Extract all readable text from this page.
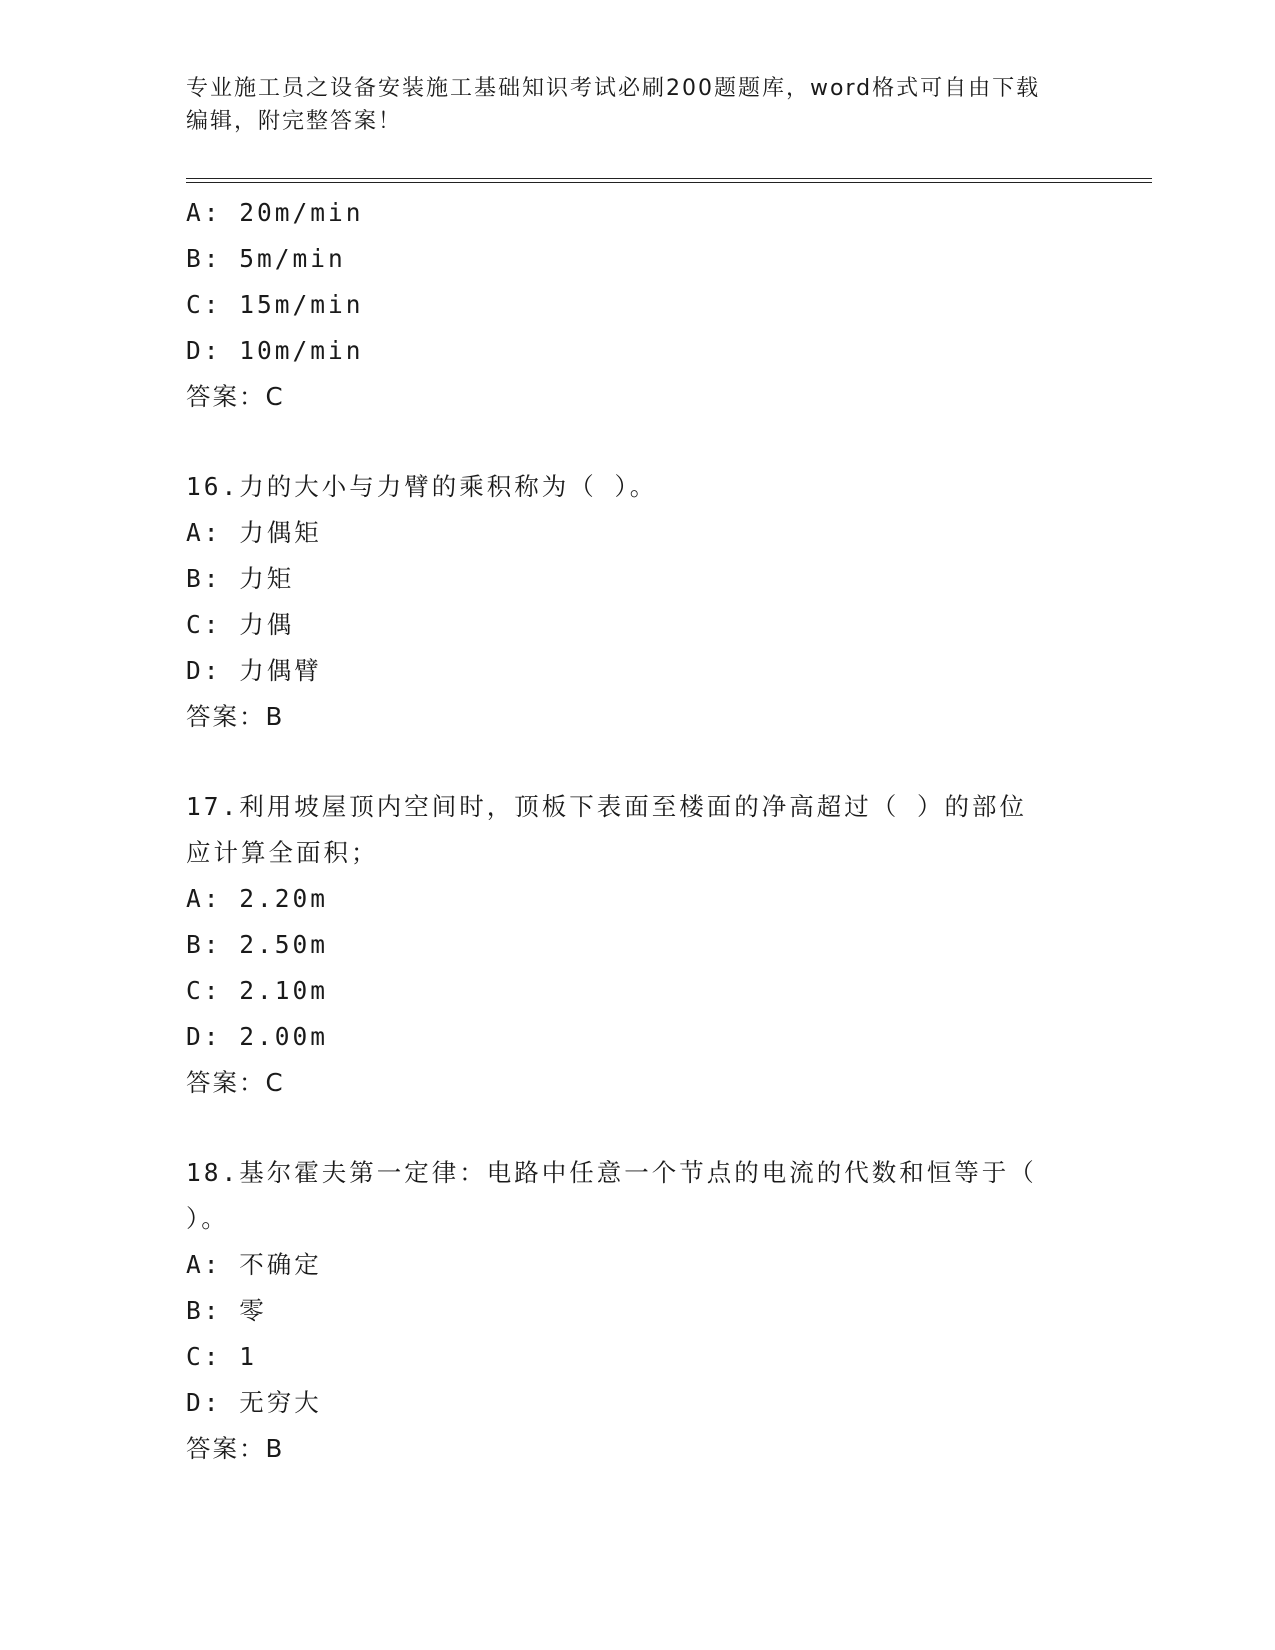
专业施工员之设备安装施工基础知识考试必刷200题题库，word格式可自由下载
编辑，附完整答案！
A: 20m/min
B: 5m/min
C: 15m/min
D: 10m/min
答案：C
16.力的大小与力臂的乘积称为（ ）。
A: 力偶矩
B: 力矩
C: 力偶
D: 力偶臂
答案：B
17.利用坡屋顶内空间时，顶板下表面至楼面的净高超过（ ）的部位
应计算全面积；
A: 2.20m
B: 2.50m
C: 2.10m
D: 2.00m
答案：C
18.基尔霍夫第一定律：电路中任意一个节点的电流的代数和恒等于（
）。
A: 不确定
B: 零
C: 1
D: 无穷大
答案：B
